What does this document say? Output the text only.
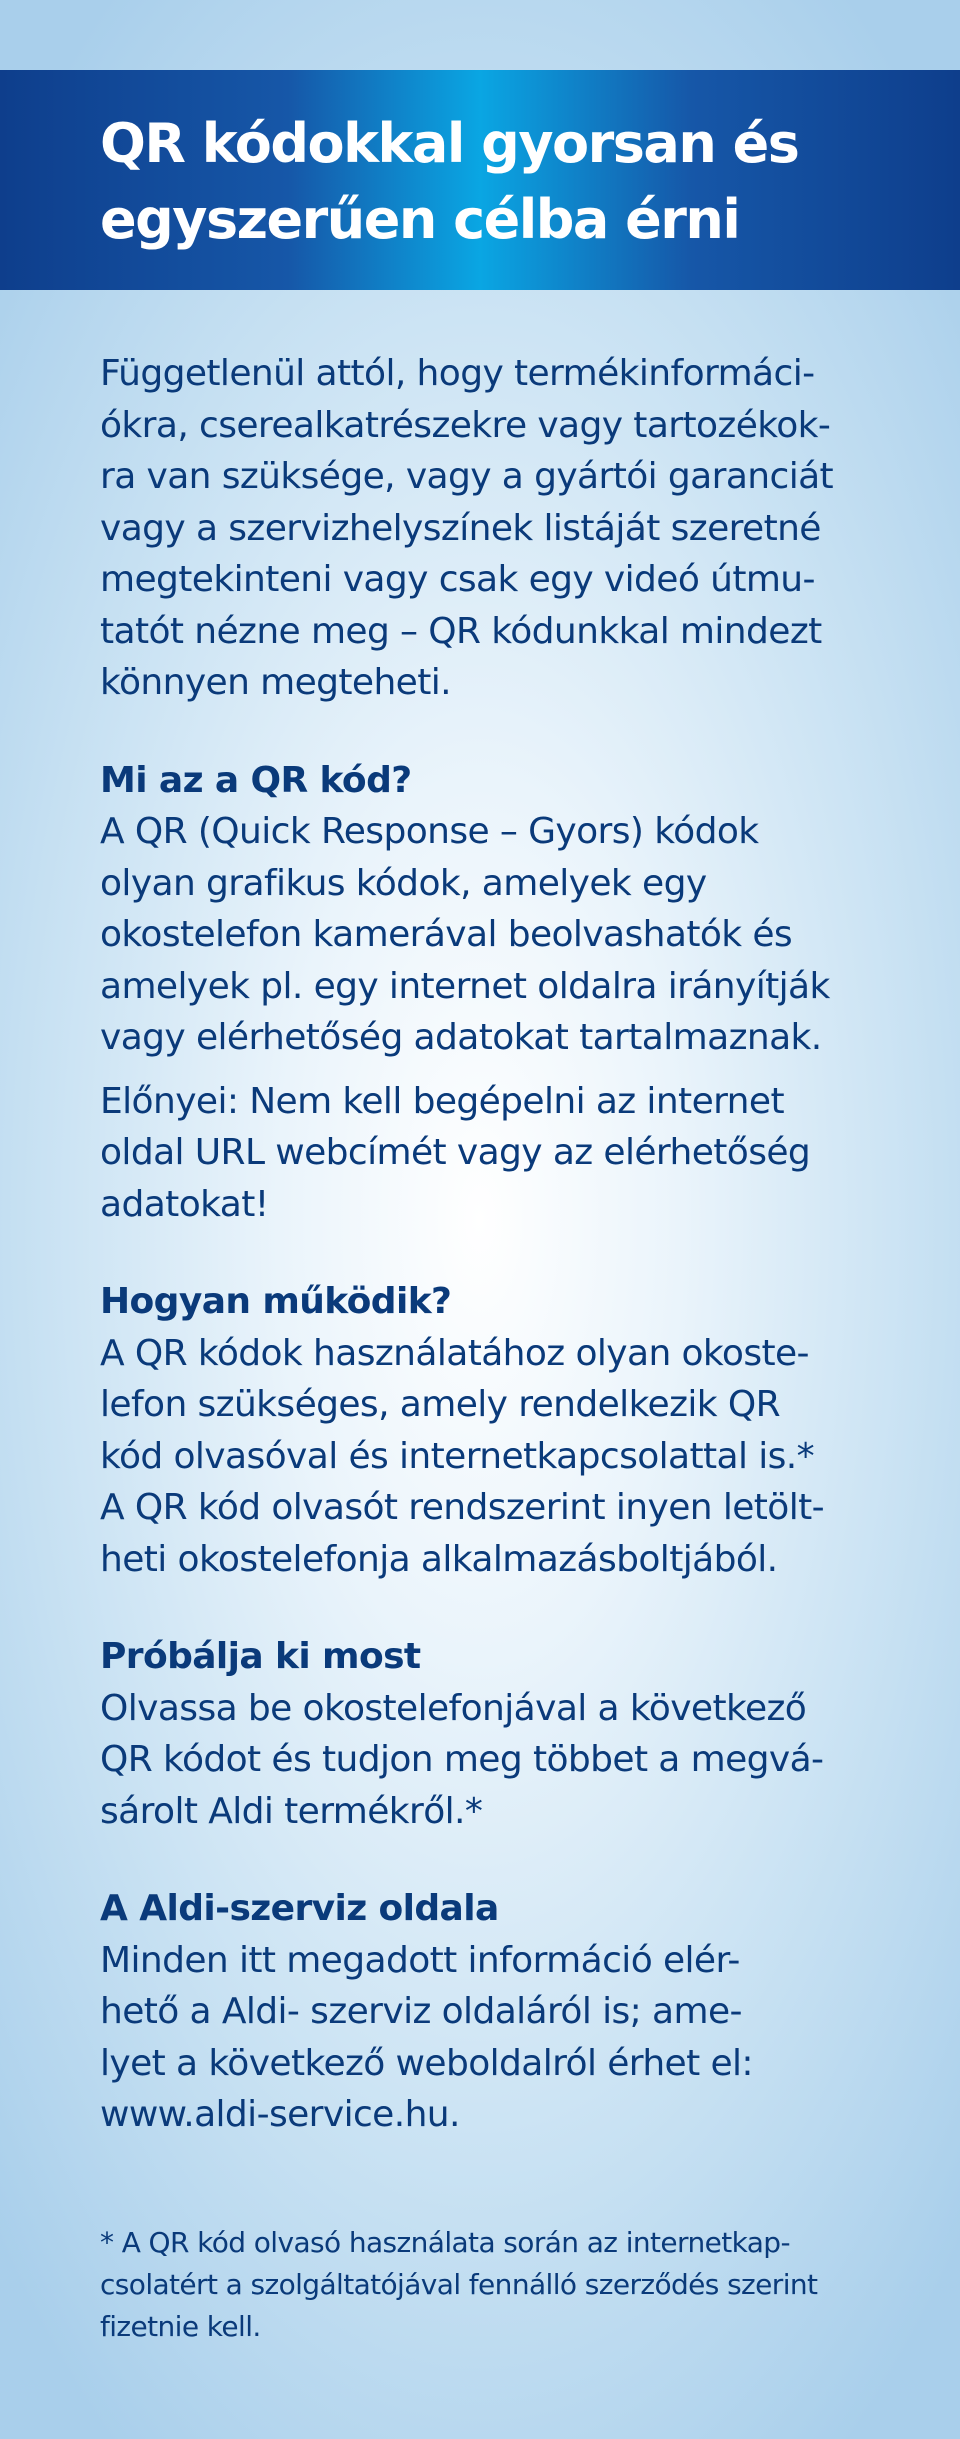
QR kódokkal gyorsan és
egyszerűen célba érni

Függetlenül attól, hogy termékinformáci-
ókra, cserealkatrészekre vagy tartozékok-
ra van szüksége, vagy a gyártói garanciát
vagy a szervizhelyszínek listáját szeretné
megtekinteni vagy csak egy videó útmu-
tatót nézne meg – QR kódunkkal mindezt
könnyen megteheti.

Mi az a QR kód?

A QR (Quick Response – Gyors) kódok
olyan grafikus kódok, amelyek egy
okostelefon kamerával beolvashatók és
amelyek pl. egy internet oldalra irányítják
vagy elérhetőség adatokat tartalmaznak.

Előnyei: Nem kell begépelni az internet
oldal URL webcímét vagy az elérhetőség
adatokat!

Hogyan működik?

A QR kódok használatához olyan okoste-
lefon szükséges, amely rendelkezik QR
kód olvasóval és internetkapcsolattal is.*
A QR kód olvasót rendszerint inyen letölt-
heti okostelefonja alkalmazásboltjából.

Próbálja ki most

Olvassa be okostelefonjával a következő
QR kódot és tudjon meg többet a megvá-
sárolt Aldi termékről.*

A Aldi-szerviz oldala

Minden itt megadott információ elér-
hető a Aldi- szerviz oldaláról is; ame-
lyet a következő weboldalról érhet el:
www.aldi-service.hu.

* A QR kód olvasó használata során az internetkap-
csolatért a szolgáltatójával fennálló szerződés szerint
fizetnie kell.
